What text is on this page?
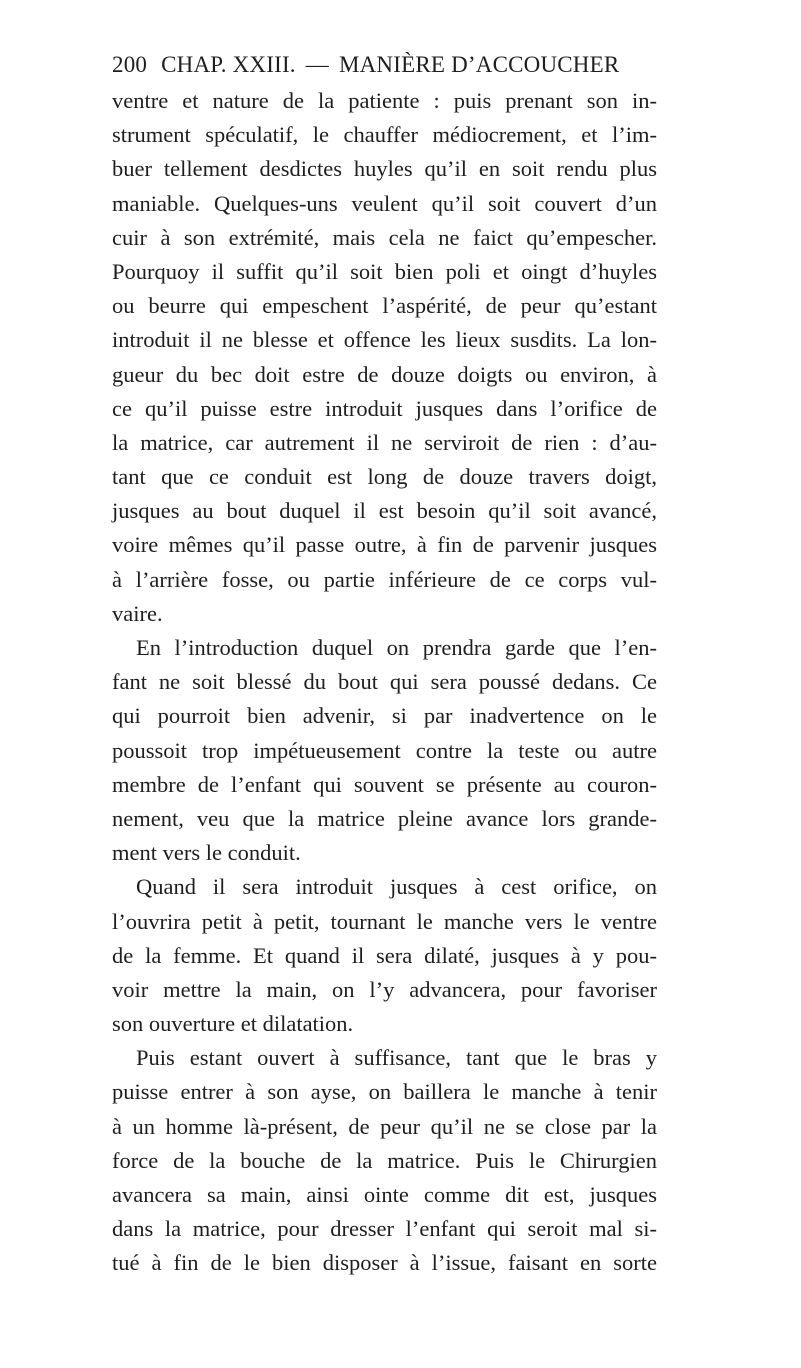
200 CHAP. XXIII. — MANIÈRE D’ACCOUCHER
ventre et nature de la patiente : puis prenant son in-
strument spéculatif, le chauffer médiocrement, et l’im-
buer tellement desdictes huyles qu’il en soit rendu plus
maniable. Quelques-uns veulent qu’il soit couvert d’un
cuir à son extrémité, mais cela ne faict qu’empescher.
Pourquoy il suffit qu’il soit bien poli et oingt d’huyles
ou beurre qui empeschent l’aspérité, de peur qu’estant
introduit il ne blesse et offence les lieux susdits. La lon-
gueur du bec doit estre de douze doigts ou environ, à
ce qu’il puisse estre introduit jusques dans l’orifice de
la matrice, car autrement il ne serviroit de rien : d’au-
tant que ce conduit est long de douze travers doigt,
jusques au bout duquel il est besoin qu’il soit avancé,
voire mêmes qu’il passe outre, à fin de parvenir jusques
à l’arrière fosse, ou partie inférieure de ce corps vul-
vaire.
En l’introduction duquel on prendra garde que l’en-
fant ne soit blessé du bout qui sera poussé dedans. Ce
qui pourroit bien advenir, si par inadvertence on le
poussoit trop impétueusement contre la teste ou autre
membre de l’enfant qui souvent se présente au couron-
nement, veu que la matrice pleine avance lors grande-
ment vers le conduit.
Quand il sera introduit jusques à cest orifice, on
l’ouvrira petit à petit, tournant le manche vers le ventre
de la femme. Et quand il sera dilaté, jusques à y pou-
voir mettre la main, on l’y advancera, pour favoriser
son ouverture et dilatation.
Puis estant ouvert à suffisance, tant que le bras y
puisse entrer à son ayse, on baillera le manche à tenir
à un homme là-présent, de peur qu’il ne se close par la
force de la bouche de la matrice. Puis le Chirurgien
avancera sa main, ainsi ointe comme dit est, jusques
dans la matrice, pour dresser l’enfant qui seroit mal si-
tué à fin de le bien disposer à l’issue, faisant en sorte
